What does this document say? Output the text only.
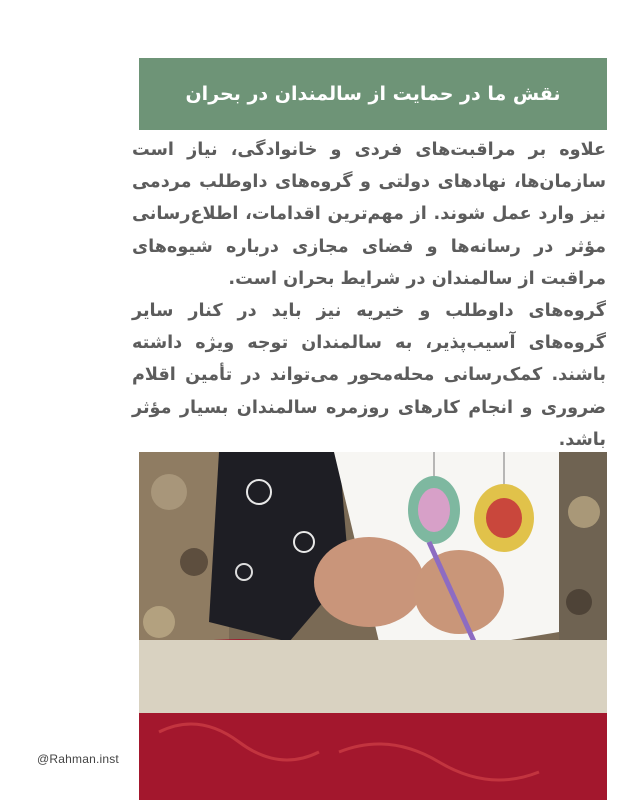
نقش ما در حمایت از سالمندان در بحران

علاوه بر مراقبت‌های فردی و خانوادگی، نیاز است سازمان‌ها، نهادهای دولتی و گروه‌های داوطلب مردمی نیز وارد عمل شوند. از مهم‌ترین اقدامات، اطلاع‌رسانی مؤثر در رسانه‌ها و فضای مجازی درباره شیوه‌های مراقبت از سالمندان در شرایط بحران است.

گروه‌های داوطلب و خیریه نیز باید در کنار سایر گروه‌های آسیب‌پذیر، به سالمندان توجه ویژه داشته باشند. کمک‌رسانی محله‌محور می‌تواند در تأمین اقلام ضروری و انجام کارهای روزمره سالمندان بسیار مؤثر باشد.

@Rahman.inst
